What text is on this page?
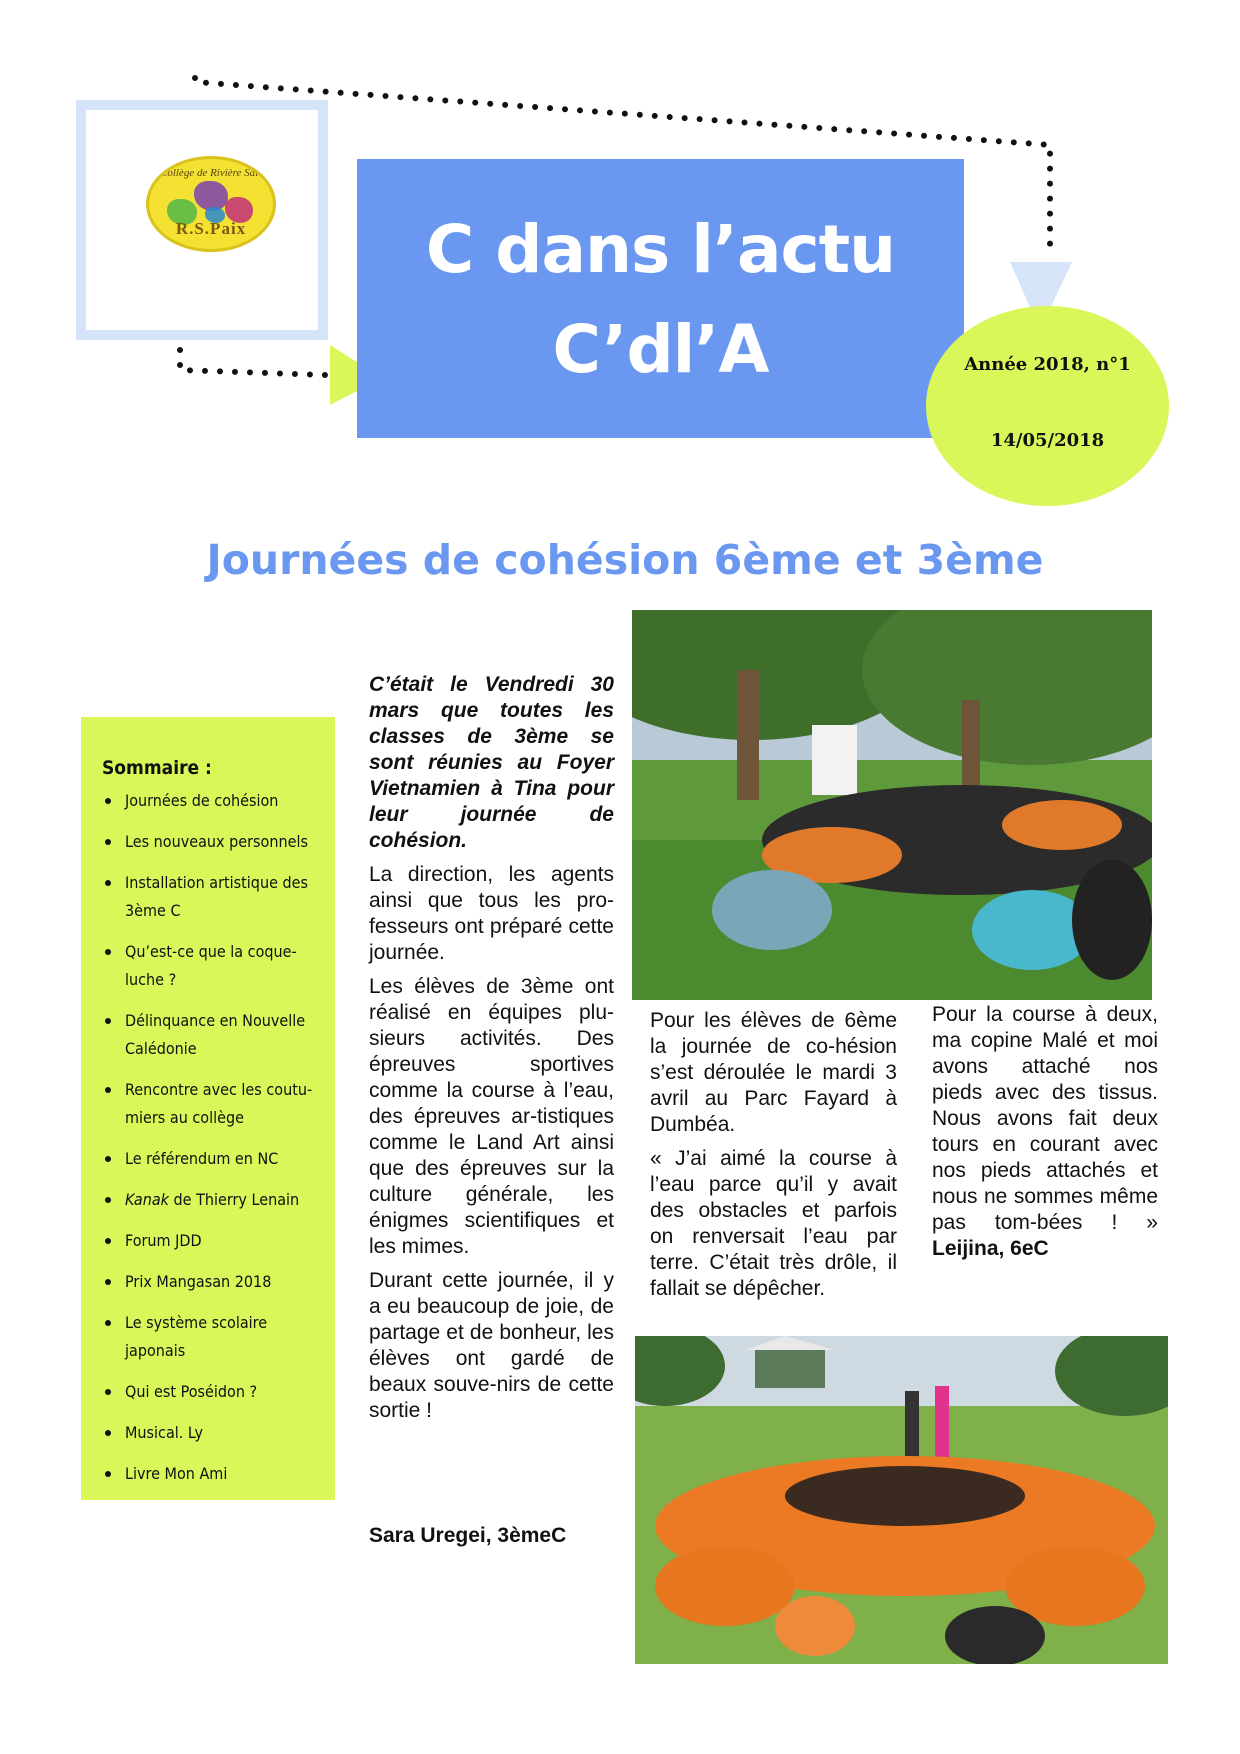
Collège de Rivière Salée
R.S.Paix	C dans l’actu
C’dl’A	Année 2018, n°1
14/05/2018
Journées de cohésion 6ème et 3ème
Sommaire :
Journées de cohésion
Les nouveaux personnels
Installation artistique des 3ème C
Qu’est-ce que la coque-luche ?
Délinquance en Nouvelle Calédonie
Rencontre avec les coutu-miers au collège
Le référendum en NC
Kanak de Thierry Lenain
Forum JDD
Prix Mangasan 2018
Le système scolaire japonais
Qui est Poséidon ?
Musical. Ly
Livre Mon Ami

C’était le Vendredi 30 mars que toutes les classes de 3ème se sont réunies au Foyer Vietnamien à Tina pour leur journée de cohésion.

La direction, les agents ainsi que tous les pro-fesseurs ont préparé cette journée.

Les élèves de 3ème ont réalisé en équipes plu-sieurs activités. Des épreuves sportives comme la course à l’eau, des épreuves ar-tistiques comme le Land Art ainsi que des épreuves sur la culture générale, les énigmes scientifiques et les mimes.

Durant cette journée, il y a eu beaucoup de joie, de partage et de bonheur, les élèves ont gardé de beaux souve-nirs de cette sortie !

Sara Uregei, 3èmeC

Pour les élèves de 6ème la journée de co-hésion s’est déroulée le mardi 3 avril au Parc Fayard à Dumbéa.

« J’ai aimé la course à l’eau parce qu’il y avait des obstacles et parfois on renversait l’eau par terre. C’était très drôle, il fallait se dépêcher.

Pour la course à deux, ma copine Malé et moi avons attaché nos pieds avec des tissus. Nous avons fait deux tours en courant avec nos pieds attachés et nous ne sommes même pas tom-bées ! » Leijina, 6eC
